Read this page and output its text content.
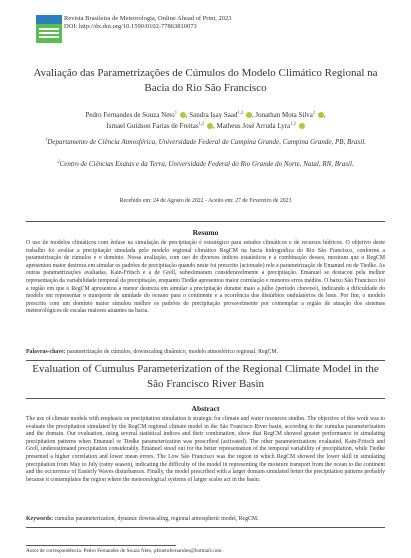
Revista Brasileira de Meteorologia, Online Ahead of Print, 2023
DOI: http://dx.doi.org/10.1590/0102-77863810073
Avaliação das Parametrizações de Cúmulos do Modelo Climático Regional na Bacia do Rio São Francisco
Pedro Fernandes de Souza Neto$^1$ , Sandra Isay Saad$^{1,2}$ , Jonathan Mota Silva$^2$ ,
Ismael Guidson Farias de Freitas$^{1,2}$ , Matheus José Arruda Lyra$^{1,2}$
$^1$Departamento de Ciência Atmosférica, Universidade Federal de Campina Grande, Campina Grande, PB, Brasil.
$^2$Centro de Ciências Exatas e da Terra, Universidade Federal do Rio Grande do Norte, Natal, RN, Brasil.
Recebido em: 24 de Agosto de 2022 - Aceito em: 27 de Fevereiro de 2023
Resumo
O uso de modelos climáticos com ênfase na simulação de precipitação é estratégico para estudos climáticos e de recursos hídricos. O objetivo deste trabalho foi avaliar a precipitação simulada pelo modelo regional climático RegCM na bacia hidrográfica do Rio São Francisco, conforme a parametrização de cúmulos e o domínio. Nossa avaliação, com uso de diversos índices estatísticos e a combinação desses, mostram que o RegCM apresentou maior destreza em simular os padrões de precipitação quando neste foi prescrito (acionado) rele a parametrização de Emanuel ou de Tiedke. As outras parametrizações avaliadas, Kain-Fritsch e a de Grell, subestimaram consideravelmente a precipitação. Emanuel se destacou pela melhor representação da variabilidade temporal da precipitação, enquanto Tiedke apresentou maior correlação e menores erros médios. O baixo São Francisco foi a região em que o RegCM apresentou a menor destreza em simular a precipitação durante maio a julho (período chuvoso), indicando a dificuldade do modelo em representar o transporte de umidade do oceano para o continente e a ocorrência dos distúrbios ondulatórios de leste. Por fim, o modelo prescrito com um domínio maior simulou melhor os padrões de precipitação provavelmente por contemplar a região de atuação dos sistemas meteorológicos de escalas maiores atuantes na bacia.
Palavras-chave: parametrização de cúmulos, downscaling dinâmico, modelo atmosférico regional, RegCM.
Evaluation of Cumulus Parameterization of the Regional Climate Model in the São Francisco River Basin
Abstract
The use of climate models with emphasis on precipitation simulation is strategic for climate and water resources studies. The objective of this work was to evaluate the precipitation simulated by the RegCM regional climate model in the São Francisco River basin, according to the cumulus parameterization and the domain. Our evaluation, using several statistical indices and their combination, show that RegCM showed greater performance in simulating precipitation patterns when Emanuel or Tiedke parameterization was prescribed (activated). The other parameterizations evaluated, Kain-Fritsch and Grell, underestimated precipitation considerably. Emanuel stood out for the better representation of the temporal variability of precipitation, while Tiedke presented a higher correlation and lower mean errors. The Low São Francisco was the region in which RegCM showed the lower skill in simulating precipitation from May to July (rainy season), indicating the difficulty of the model in representing the moisture transport from the ocean to the continent and the occurrence of Easterly Waves disturbances. Finally, the model prescribed with a larger domain simulated better the precipitation patterns probably because it contemplates the region where the meteorological systems of larger scales act in the basin.
Keywords: cumulus parameterization, dynamic downscaling, regional atmospheric model, RegCM.
Autor de correspondência: Pedro Fernandes de Souza Neto, pfsnetofernandes@hotmail.com.
